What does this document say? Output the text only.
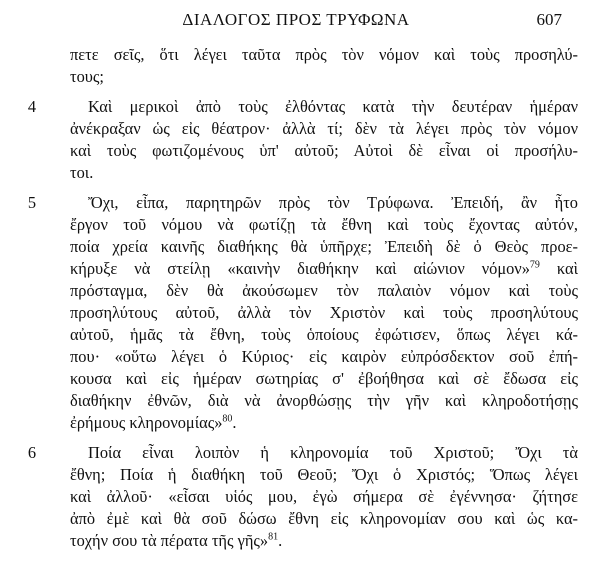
ΔΙΑΛΟΓΟΣ ΠΡΟΣ ΤΡΥΦΩΝΑ	607
πετε σεῖς, ὅτι λέγει ταῦτα πρὸς τὸν νόμον καὶ τοὺς προσηλύ-
τους;
4	Καὶ μερικοὶ ἀπὸ τοὺς ἐλθόντας κατὰ τὴν δευτέραν ἡμέραν
ἀνέκραξαν ὡς εἰς θέατρον· ἀλλὰ τί; δὲν τὰ λέγει πρὸς τὸν νόμον
καὶ τοὺς φωτιζομένους ὑπ' αὐτοῦ; Αὐτοὶ δὲ εἶναι οἱ προσήλυ-
τοι.
5	Ὄχι, εἶπα, παρητηρῶν πρὸς τὸν Τρύφωνα. Ἐπειδή, ἂν ἦτο
ἔργον τοῦ νόμου νὰ φωτίζῃ τὰ ἔθνη καὶ τοὺς ἔχοντας αὐτόν,
ποία χρεία καινῆς διαθήκης θὰ ὑπῆρχε; Ἐπειδὴ δὲ ὁ Θεὸς προε-
κήρυξε νὰ στείλῃ «καινὴν διαθήκην καὶ αἰώνιον νόμον»$^{79}$ καὶ
πρόσταγμα, δὲν θὰ ἀκούσωμεν τὸν παλαιὸν νόμον καὶ τοὺς
προσηλύτους αὐτοῦ, ἀλλὰ τὸν Χριστὸν καὶ τοὺς προσηλύτους
αὐτοῦ, ἡμᾶς τὰ ἔθνη, τοὺς ὁποίους ἐφώτισεν, ὅπως λέγει κά-
που· «οὕτω λέγει ὁ Κύριος· εἰς καιρὸν εὐπρόσδεκτον σοῦ ἐπή-
κουσα καὶ εἰς ἡμέραν σωτηρίας σ' ἐβοήθησα καὶ σὲ ἔδωσα εἰς
διαθήκην ἐθνῶν, διὰ νὰ ἀνορθώσῃς τὴν γῆν καὶ κληροδοτήσῃς
ἐρήμους κληρονομίας»$^{80}$.
6	Ποία εἶναι λοιπὸν ἡ κληρονομία τοῦ Χριστοῦ; Ὄχι τὰ
ἔθνη; Ποία ἡ διαθήκη τοῦ Θεοῦ; Ὄχι ὁ Χριστός; Ὅπως λέγει
καὶ ἀλλοῦ· «εἶσαι υἱός μου, ἐγὼ σήμερα σὲ ἐγέννησα· ζήτησε
ἀπὸ ἐμὲ καὶ θὰ σοῦ δώσω ἔθνη εἰς κληρονομίαν σου καὶ ὡς κα-
τοχήν σου τὰ πέρατα τῆς γῆς»$^{81}$.
